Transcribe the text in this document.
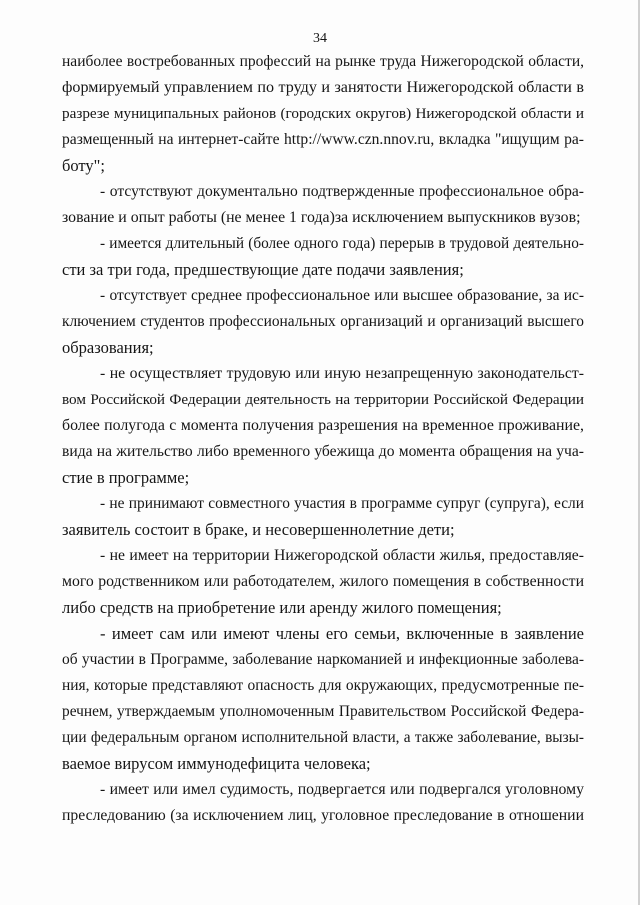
34
наиболее востребованных профессий на рынке труда Нижегородской области,
формируемый управлением по труду и занятости Нижегородской области в
разрезе муниципальных районов (городских округов) Нижегородской области и
размещенный на интернет-сайте http://www.czn.nnov.ru, вкладка "ищущим ра-
боту";
- отсутствуют документально подтвержденные профессиональное обра-
зование и опыт работы (не менее 1 года)за исключением выпускников вузов;
- имеется длительный (более одного года) перерыв в трудовой деятельно-
сти за три года, предшествующие дате подачи заявления;
- отсутствует среднее профессиональное или высшее образование, за ис-
ключением студентов профессиональных организаций и организаций высшего
образования;
- не осуществляет трудовую или иную незапрещенную законодательст-
вом Российской Федерации деятельность на территории Российской Федерации
более полугода с момента получения разрешения на временное проживание,
вида на жительство либо временного убежища до момента обращения на уча-
стие в программе;
- не принимают совместного участия в программе супруг (супруга), если
заявитель состоит в браке, и несовершеннолетние дети;
- не имеет на территории Нижегородской области жилья, предоставляе-
мого родственником или работодателем, жилого помещения в собственности
либо средств на приобретение или аренду жилого помещения;
- имеет сам или имеют члены его семьи, включенные в заявление
об участии в Программе, заболевание наркоманией и инфекционные заболева-
ния, которые представляют опасность для окружающих, предусмотренные пе-
речнем, утверждаемым уполномоченным Правительством Российской Федера-
ции федеральным органом исполнительной власти, а также заболевание, вызы-
ваемое вирусом иммунодефицита человека;
- имеет или имел судимость, подвергается или подвергался уголовному
преследованию (за исключением лиц, уголовное преследование в отношении
